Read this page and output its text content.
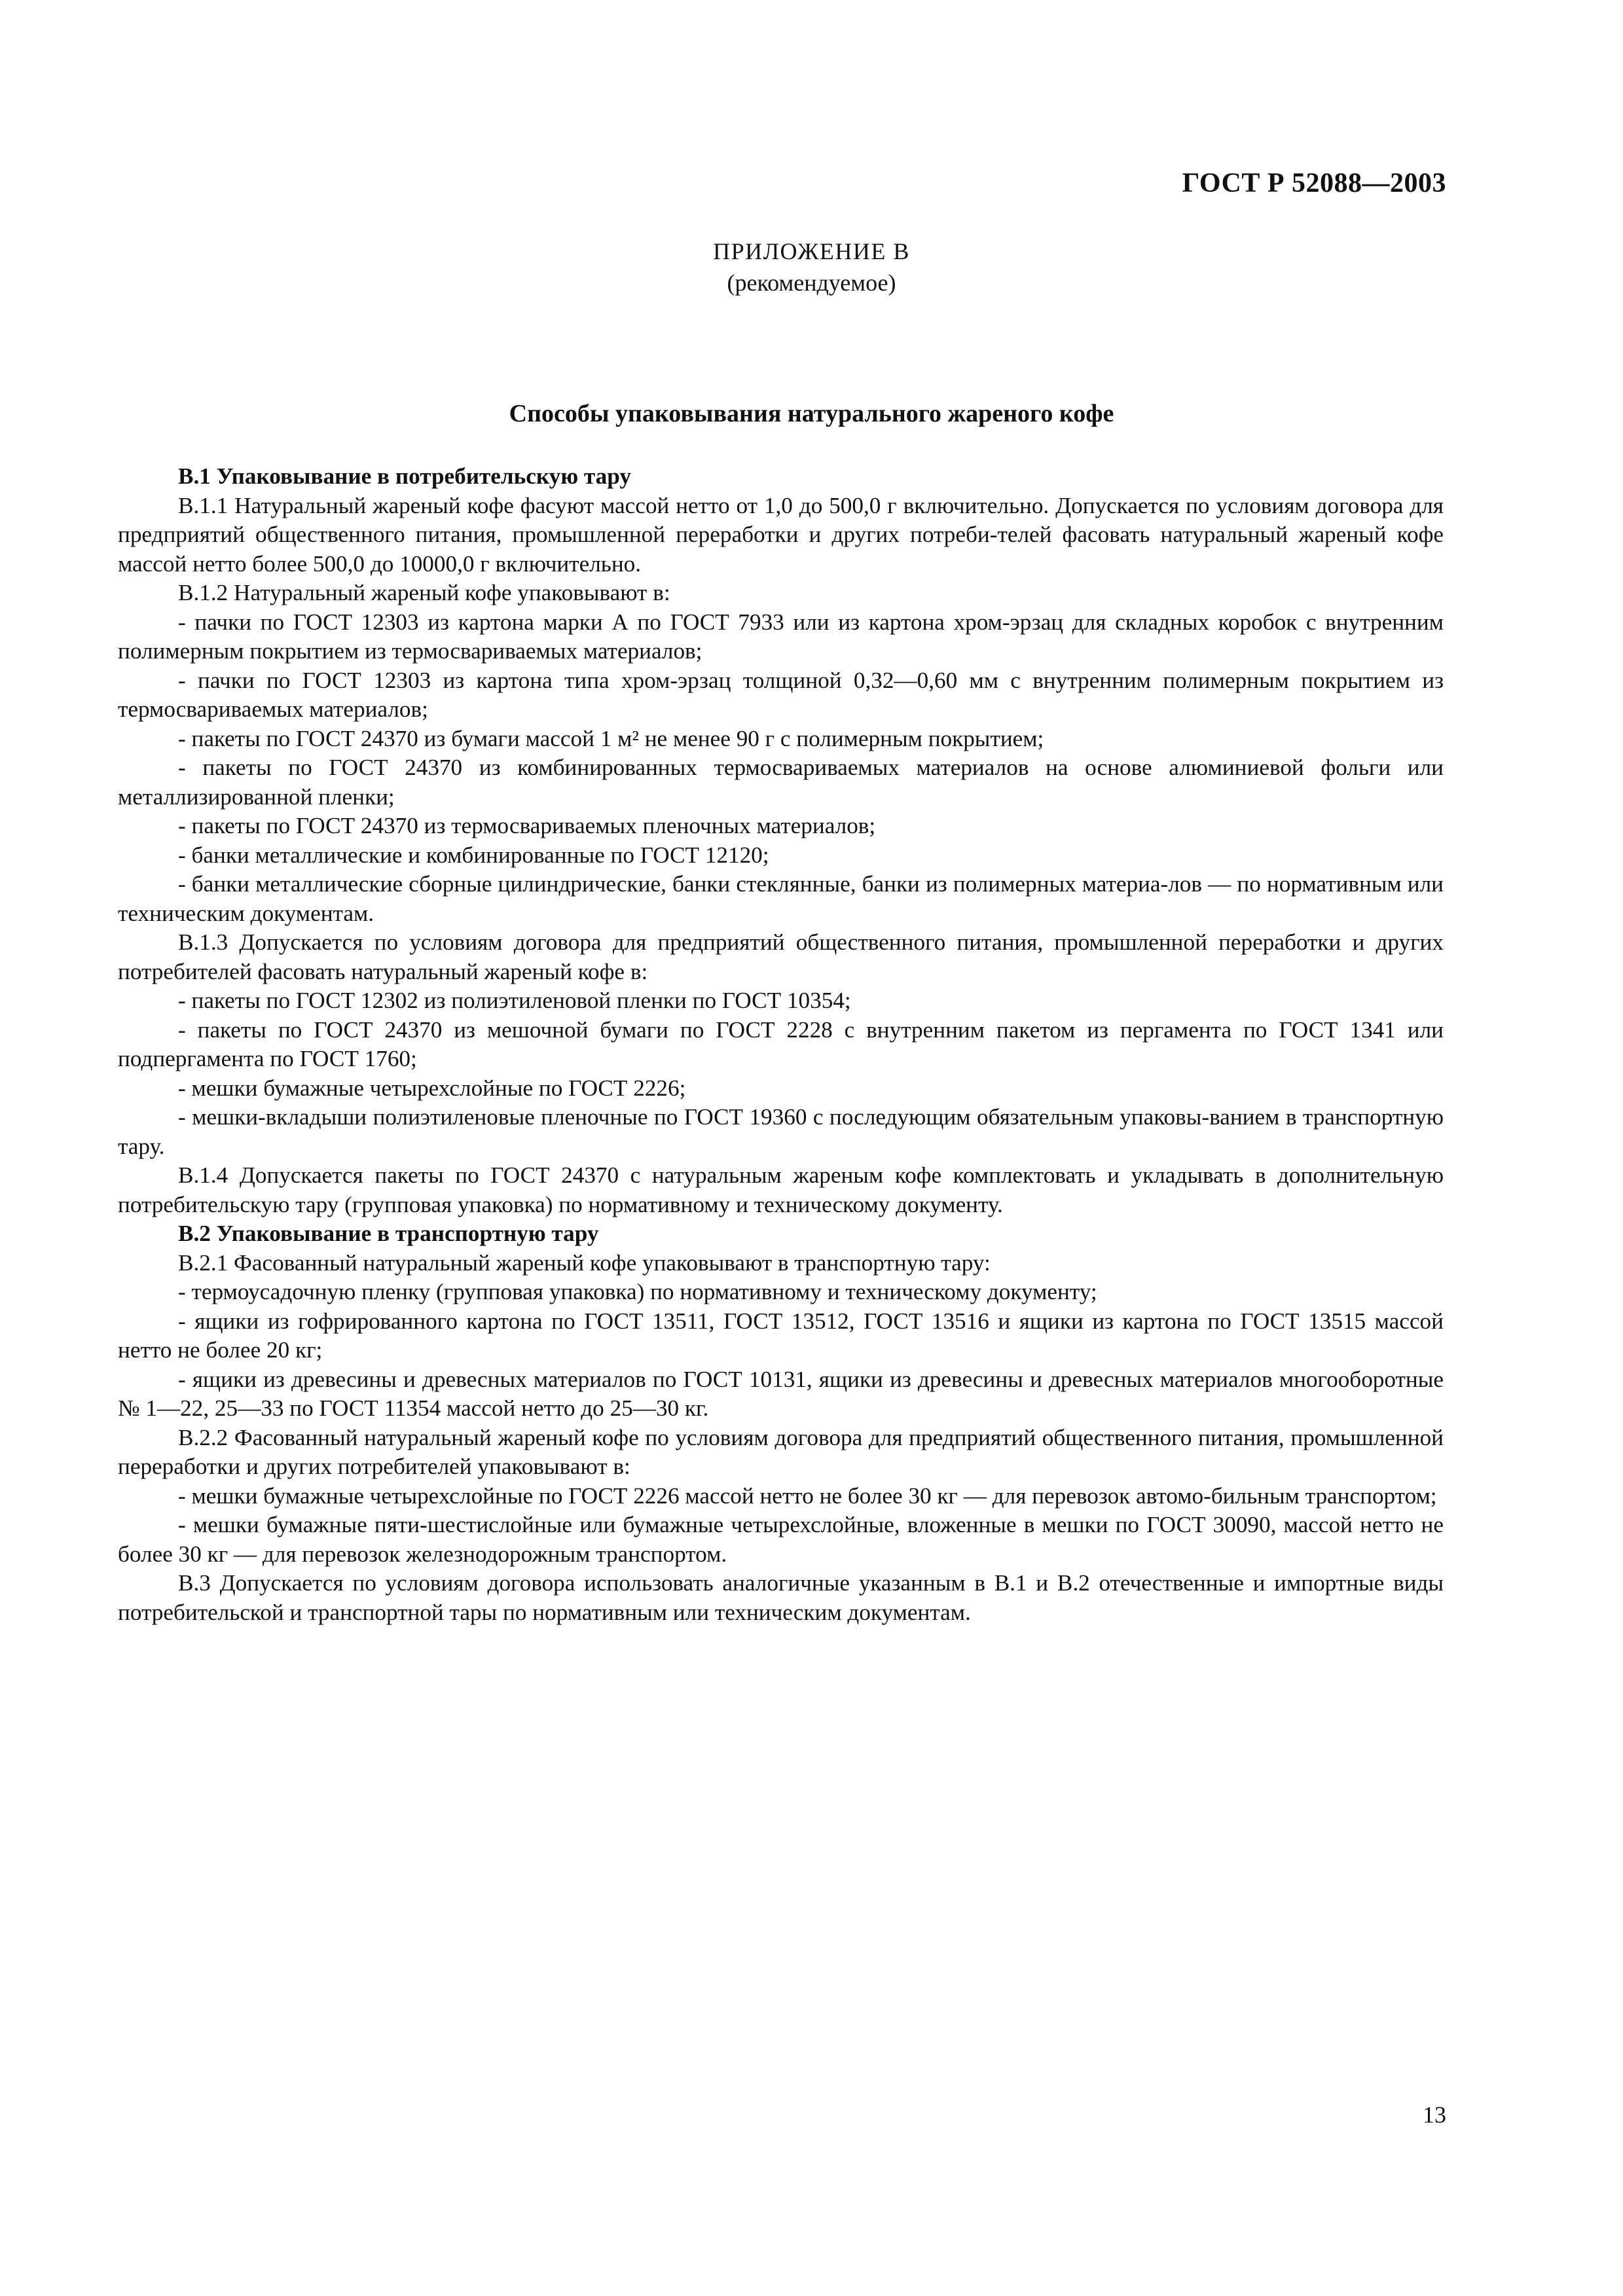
ГОСТ Р 52088—2003
ПРИЛОЖЕНИЕ В
(рекомендуемое)
Способы упаковывания натурального жареного кофе

В.1 Упаковывание в потребительскую тару

В.1.1 Натуральный жареный кофе фасуют массой нетто от 1,0 до 500,0 г включительно. Допускается по условиям договора для предприятий общественного питания, промышленной переработки и других потреби-телей фасовать натуральный жареный кофе массой нетто более 500,0 до 10000,0 г включительно.

В.1.2 Натуральный жареный кофе упаковывают в:

- пачки по ГОСТ 12303 из картона марки А по ГОСТ 7933 или из картона хром-эрзац для складных коробок с внутренним полимерным покрытием из термосвариваемых материалов;

- пачки по ГОСТ 12303 из картона типа хром-эрзац толщиной 0,32—0,60 мм с внутренним полимерным покрытием из термосвариваемых материалов;

- пакеты по ГОСТ 24370 из бумаги массой 1 м² не менее 90 г с полимерным покрытием;

- пакеты по ГОСТ 24370 из комбинированных термосвариваемых материалов на основе алюминиевой фольги или металлизированной пленки;

- пакеты по ГОСТ 24370 из термосвариваемых пленочных материалов;

- банки металлические и комбинированные по ГОСТ 12120;

- банки металлические сборные цилиндрические, банки стеклянные, банки из полимерных материа-лов — по нормативным или техническим документам.

В.1.3 Допускается по условиям договора для предприятий общественного питания, промышленной переработки и других потребителей фасовать натуральный жареный кофе в:

- пакеты по ГОСТ 12302 из полиэтиленовой пленки по ГОСТ 10354;

- пакеты по ГОСТ 24370 из мешочной бумаги по ГОСТ 2228 с внутренним пакетом из пергамента по ГОСТ 1341 или подпергамента по ГОСТ 1760;

- мешки бумажные четырехслойные по ГОСТ 2226;

- мешки-вкладыши полиэтиленовые пленочные по ГОСТ 19360 с последующим обязательным упаковы-ванием в транспортную тару.

В.1.4 Допускается пакеты по ГОСТ 24370 с натуральным жареным кофе комплектовать и укладывать в дополнительную потребительскую тару (групповая упаковка) по нормативному и техническому документу.

В.2 Упаковывание в транспортную тару

В.2.1 Фасованный натуральный жареный кофе упаковывают в транспортную тару:

- термоусадочную пленку (групповая упаковка) по нормативному и техническому документу;

- ящики из гофрированного картона по ГОСТ 13511, ГОСТ 13512, ГОСТ 13516 и ящики из картона по ГОСТ 13515 массой нетто не более 20 кг;

- ящики из древесины и древесных материалов по ГОСТ 10131, ящики из древесины и древесных материалов многооборотные № 1—22, 25—33 по ГОСТ 11354 массой нетто до 25—30 кг.

В.2.2 Фасованный натуральный жареный кофе по условиям договора для предприятий общественного питания, промышленной переработки и других потребителей упаковывают в:

- мешки бумажные четырехслойные по ГОСТ 2226 массой нетто не более 30 кг — для перевозок автомо-бильным транспортом;

- мешки бумажные пяти-шестислойные или бумажные четырехслойные, вложенные в мешки по ГОСТ 30090, массой нетто не более 30 кг — для перевозок железнодорожным транспортом.

В.3 Допускается по условиям договора использовать аналогичные указанным в В.1 и В.2 отечественные и импортные виды потребительской и транспортной тары по нормативным или техническим документам.

13
